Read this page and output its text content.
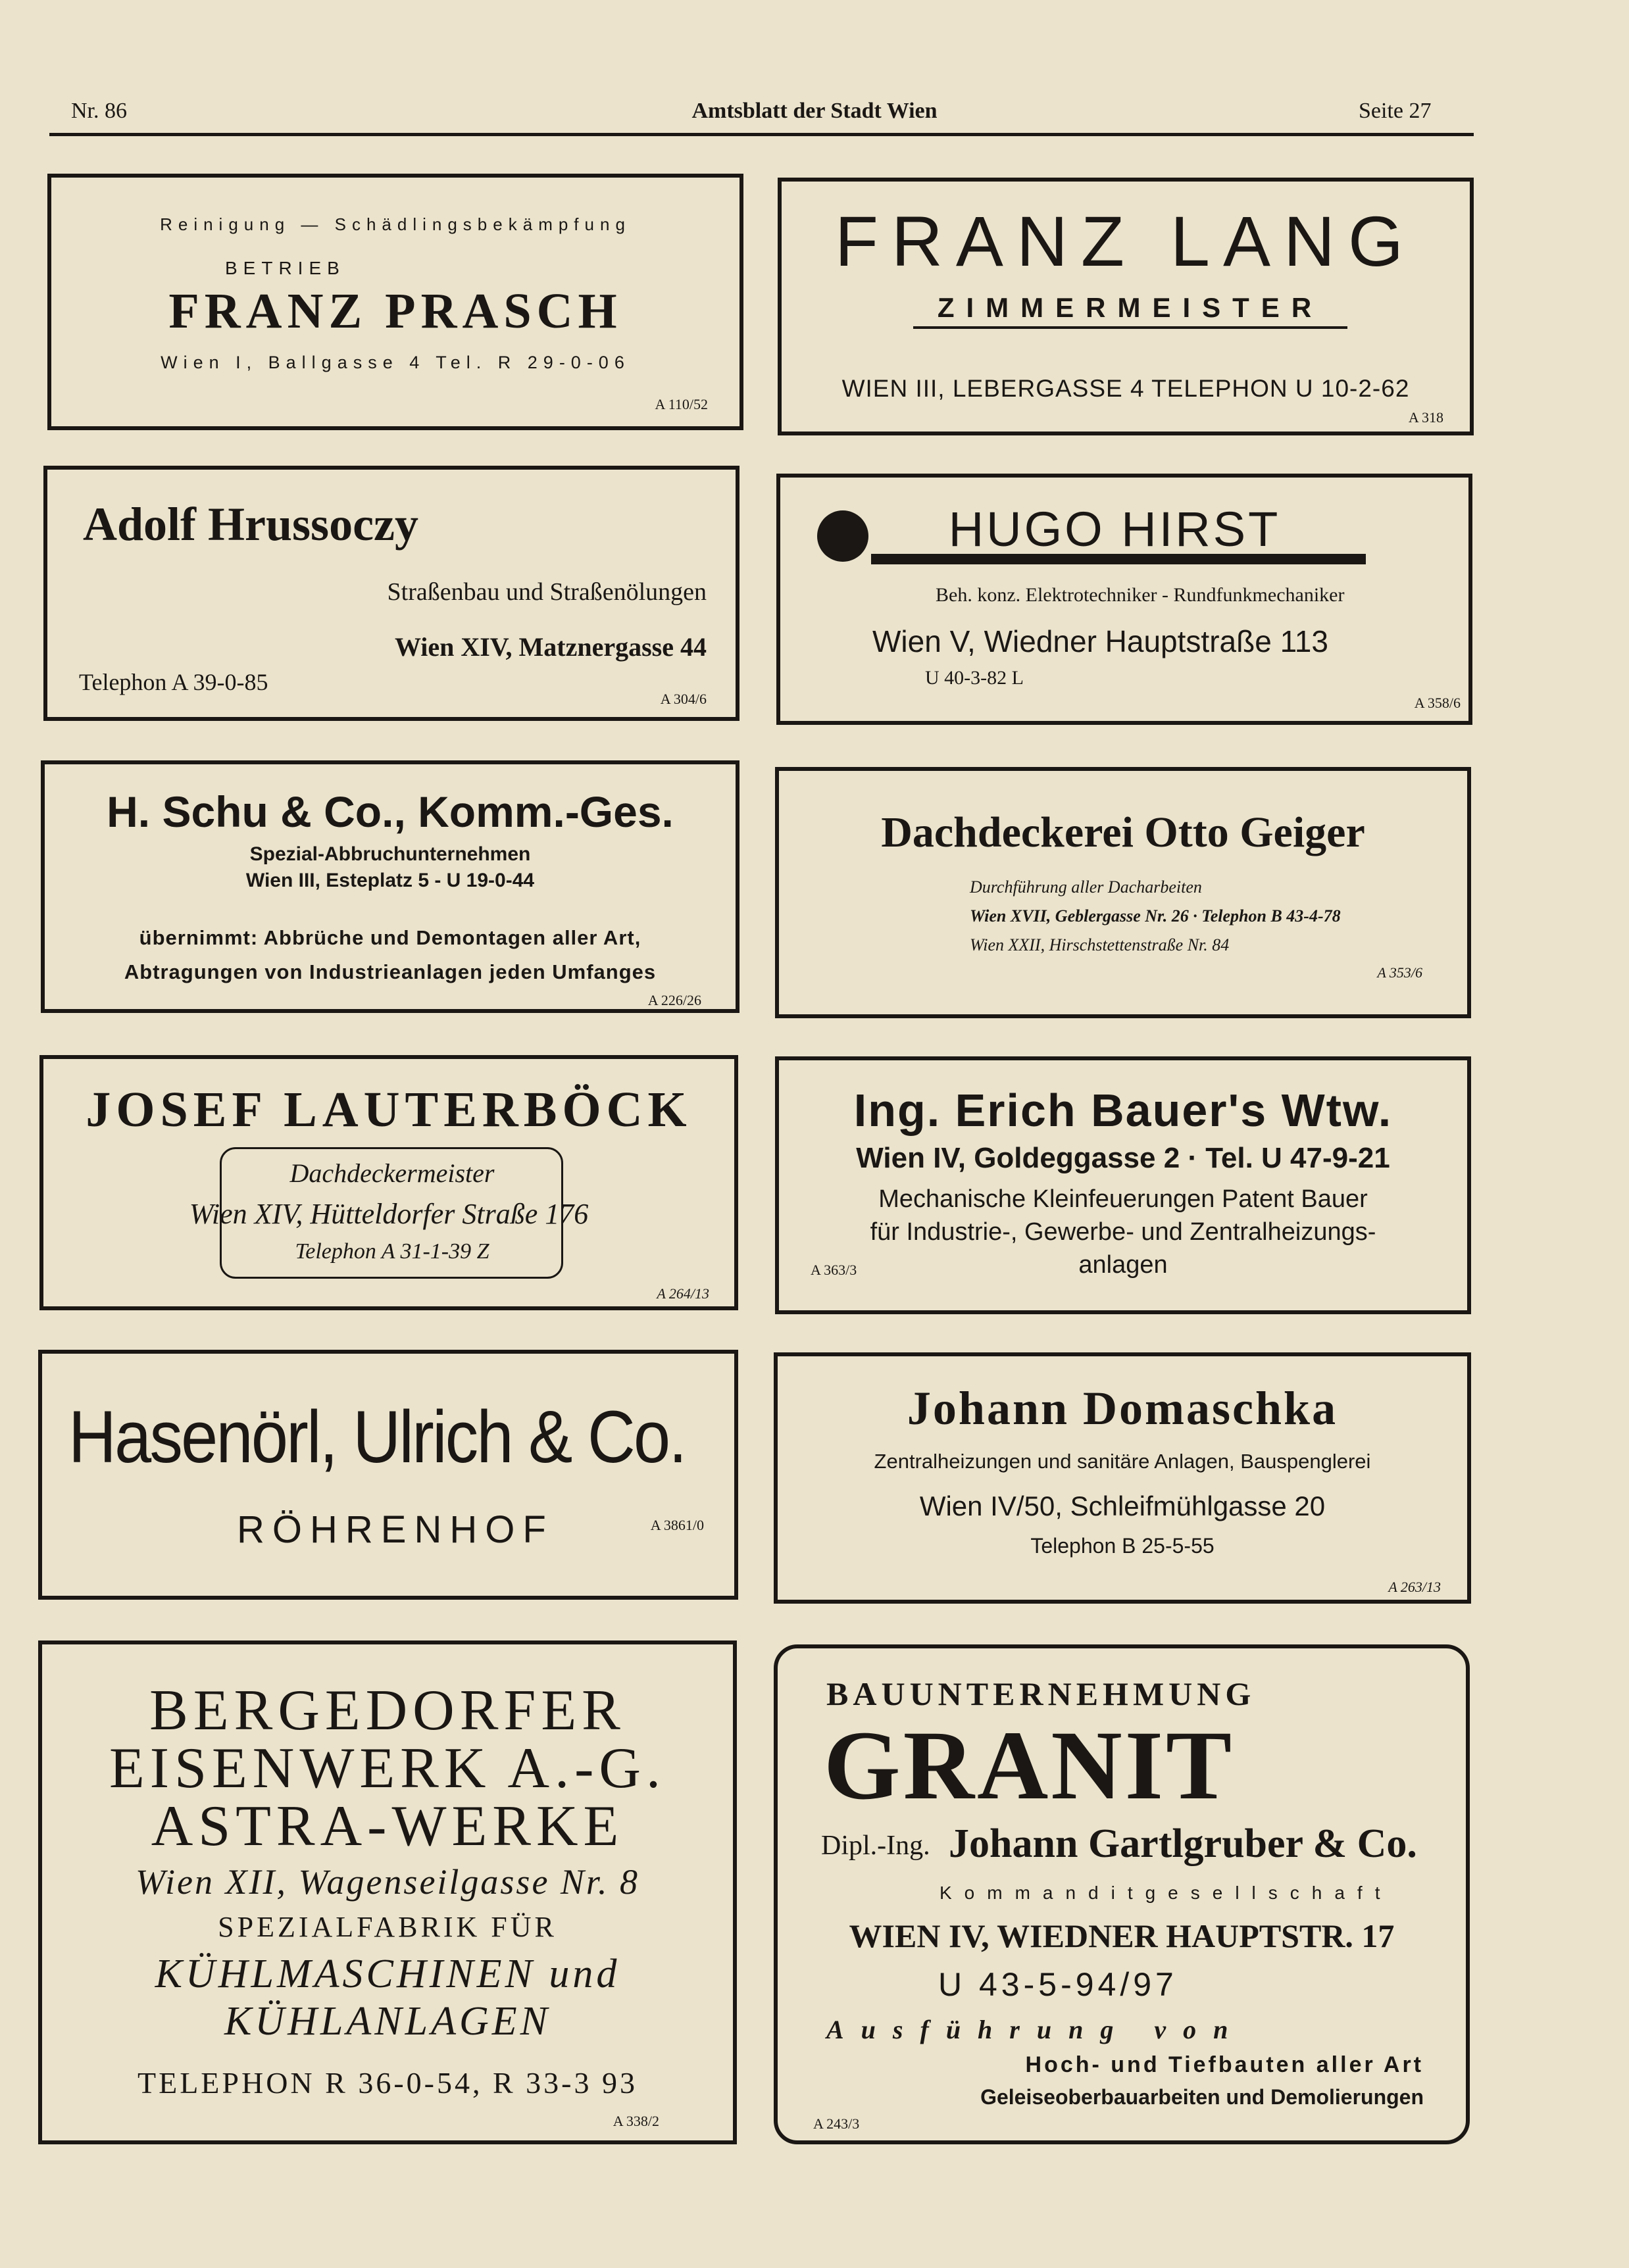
Nr. 86	Amtsblatt der Stadt Wien	Seite 27
Reinigung — Schädlingsbekämpfung
BETRIEB
FRANZ PRASCH
Wien I, Ballgasse 4 Tel. R 29-0-06
A 110/52
FRANZ LANG
ZIMMERMEISTER
WIEN III, LEBERGASSE 4 TELEPHON U 10-2-62
A 318
Adolf Hrussoczy
Straßenbau und Straßenölungen
Wien XIV, Matznergasse 44
Telephon A 39-0-85
A 304/6
HUGO HIRST
Beh. konz. Elektrotechniker - Rundfunkmechaniker
Wien V, Wiedner Hauptstraße 113
U 40-3-82 L
A 358/6
H. Schu & Co., Komm.-Ges.
Spezial-Abbruchunternehmen
Wien III, Esteplatz 5 - U 19-0-44
übernimmt: Abbrüche und Demontagen aller Art,
Abtragungen von Industrieanlagen jeden Umfanges
A 226/26
Dachdeckerei Otto Geiger
Durchführung aller Dacharbeiten
Wien XVII, Geblergasse Nr. 26 · Telephon B 43-4-78
Wien XXII, Hirschstettenstraße Nr. 84
A 353/6
JOSEF LAUTERBÖCK
Dachdeckermeister
Wien XIV, Hütteldorfer Straße 176
Telephon A 31-1-39 Z
A 264/13
Ing. Erich Bauer's Wtw.
Wien IV, Goldeggasse 2 · Tel. U 47-9-21
Mechanische Kleinfeuerungen Patent Bauer
für Industrie-, Gewerbe- und Zentralheizungs-
anlagen
A 363/3
Hasenörl, Ulrich & Co.
RÖHRENHOF	A 3861/0
Johann Domaschka
Zentralheizungen und sanitäre Anlagen, Bauspenglerei
Wien IV/50, Schleifmühlgasse 20
Telephon B 25-5-55
A 263/13
BERGEDORFER
EISENWERK A.-G.
ASTRA-WERKE
Wien XII, Wagenseilgasse Nr. 8
SPEZIALFABRIK FÜR
KÜHLMASCHINEN und
KÜHLANLAGEN
TELEPHON R 36-0-54, R 33-3 93
A 338/2
BAUUNTERNEHMUNG
GRANIT
Dipl.-Ing. Johann Gartlgruber & Co.
Kommanditgesellschaft
WIEN IV, WIEDNER HAUPTSTR. 17
U 43-5-94/97
Ausführung von
Hoch- und Tiefbauten aller Art
Geleiseoberbauarbeiten und Demolierungen
A 243/3
